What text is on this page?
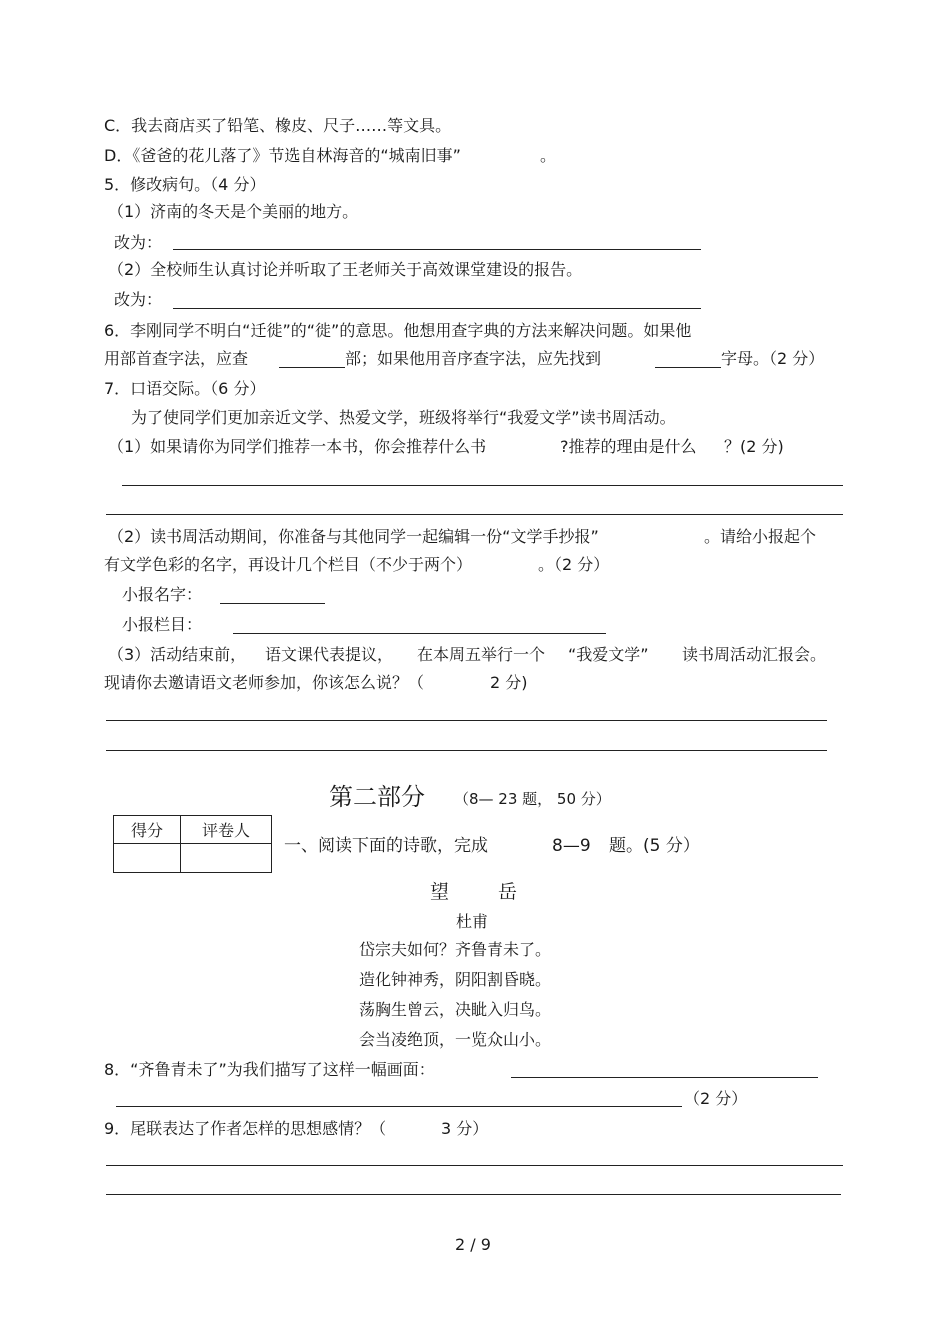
C．我去商店买了铅笔、橡皮、尺子……等文具。
D．《爸爸的花儿落了》节选自林海音的“城南旧事”	。
5．修改病句。（4 分）
（1）济南的冬天是个美丽的地方。
改为：
（2）全校师生认真讨论并听取了王老师关于高效课堂建设的报告。
改为：
6．李刚同学不明白“迁徙”的“徙”的意思。他想用查字典的方法来解决问题。如果他
用部首查字法，应查	部；如果他用音序查字法，应先找到	字母。（2 分）
7．口语交际。（6 分）
为了使同学们更加亲近文学、热爱文学，班级将举行“我爱文学”读书周活动。
（1）如果请你为同学们推荐一本书，你会推荐什么书	?推荐的理由是什么 ？(2 分)
（2）读书周活动期间，你准备与其他同学一起编辑一份“文学手抄报”	。请给小报起个
有文学色彩的名字，再设计几个栏目（不少于两个）	。（2 分）
小报名字：
小报栏目：
（3）活动结束前， 语文课代表提议， 在本周五举行一个 “我爱文学” 读书周活动汇报会。
现请你去邀请语文老师参加，你该怎么说？（	2 分)
第二部分 （8— 23 题， 50 分）
得分	评卷人

一、阅读下面的诗歌，完成	8—9 题。(5 分）
望	岳
杜甫
岱宗夫如何？齐鲁青未了。
造化钟神秀，阴阳割昏晓。
荡胸生曾云，决眦入归鸟。
会当凌绝顶，一览众山小。
8．“齐鲁青未了”为我们描写了这样一幅画面：
（2 分）
9．尾联表达了作者怎样的思想感情？（	3 分）
2 / 9
